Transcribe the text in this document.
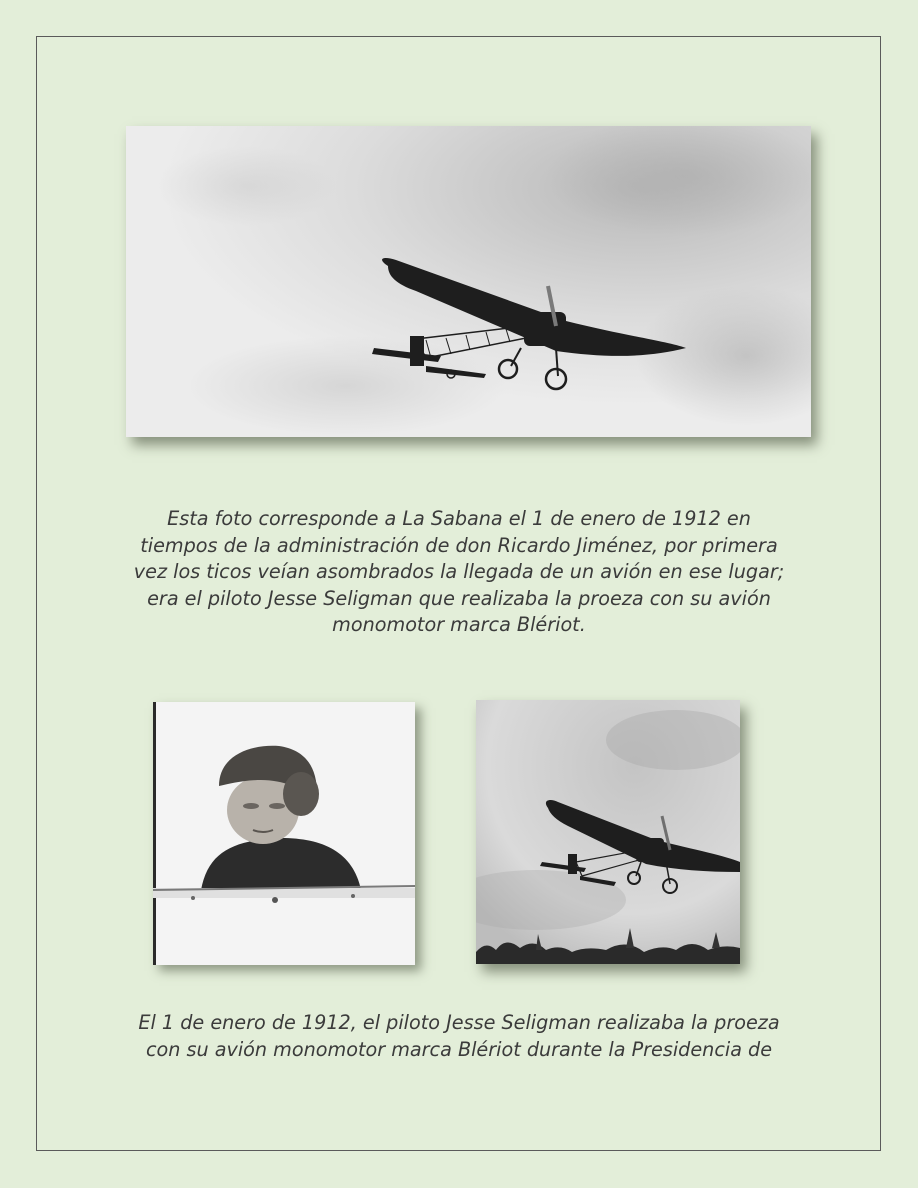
Esta foto corresponde a La Sabana el 1 de enero de 1912 en
tiempos de la administración de don Ricardo Jiménez, por primera
vez los ticos veían asombrados la llegada de un avión en ese lugar;
era el piloto Jesse Seligman que realizaba la proeza con su avión
monomotor marca Blériot.

El 1 de enero de 1912, el piloto Jesse Seligman realizaba la proeza
con su avión monomotor marca Blériot durante la Presidencia de
